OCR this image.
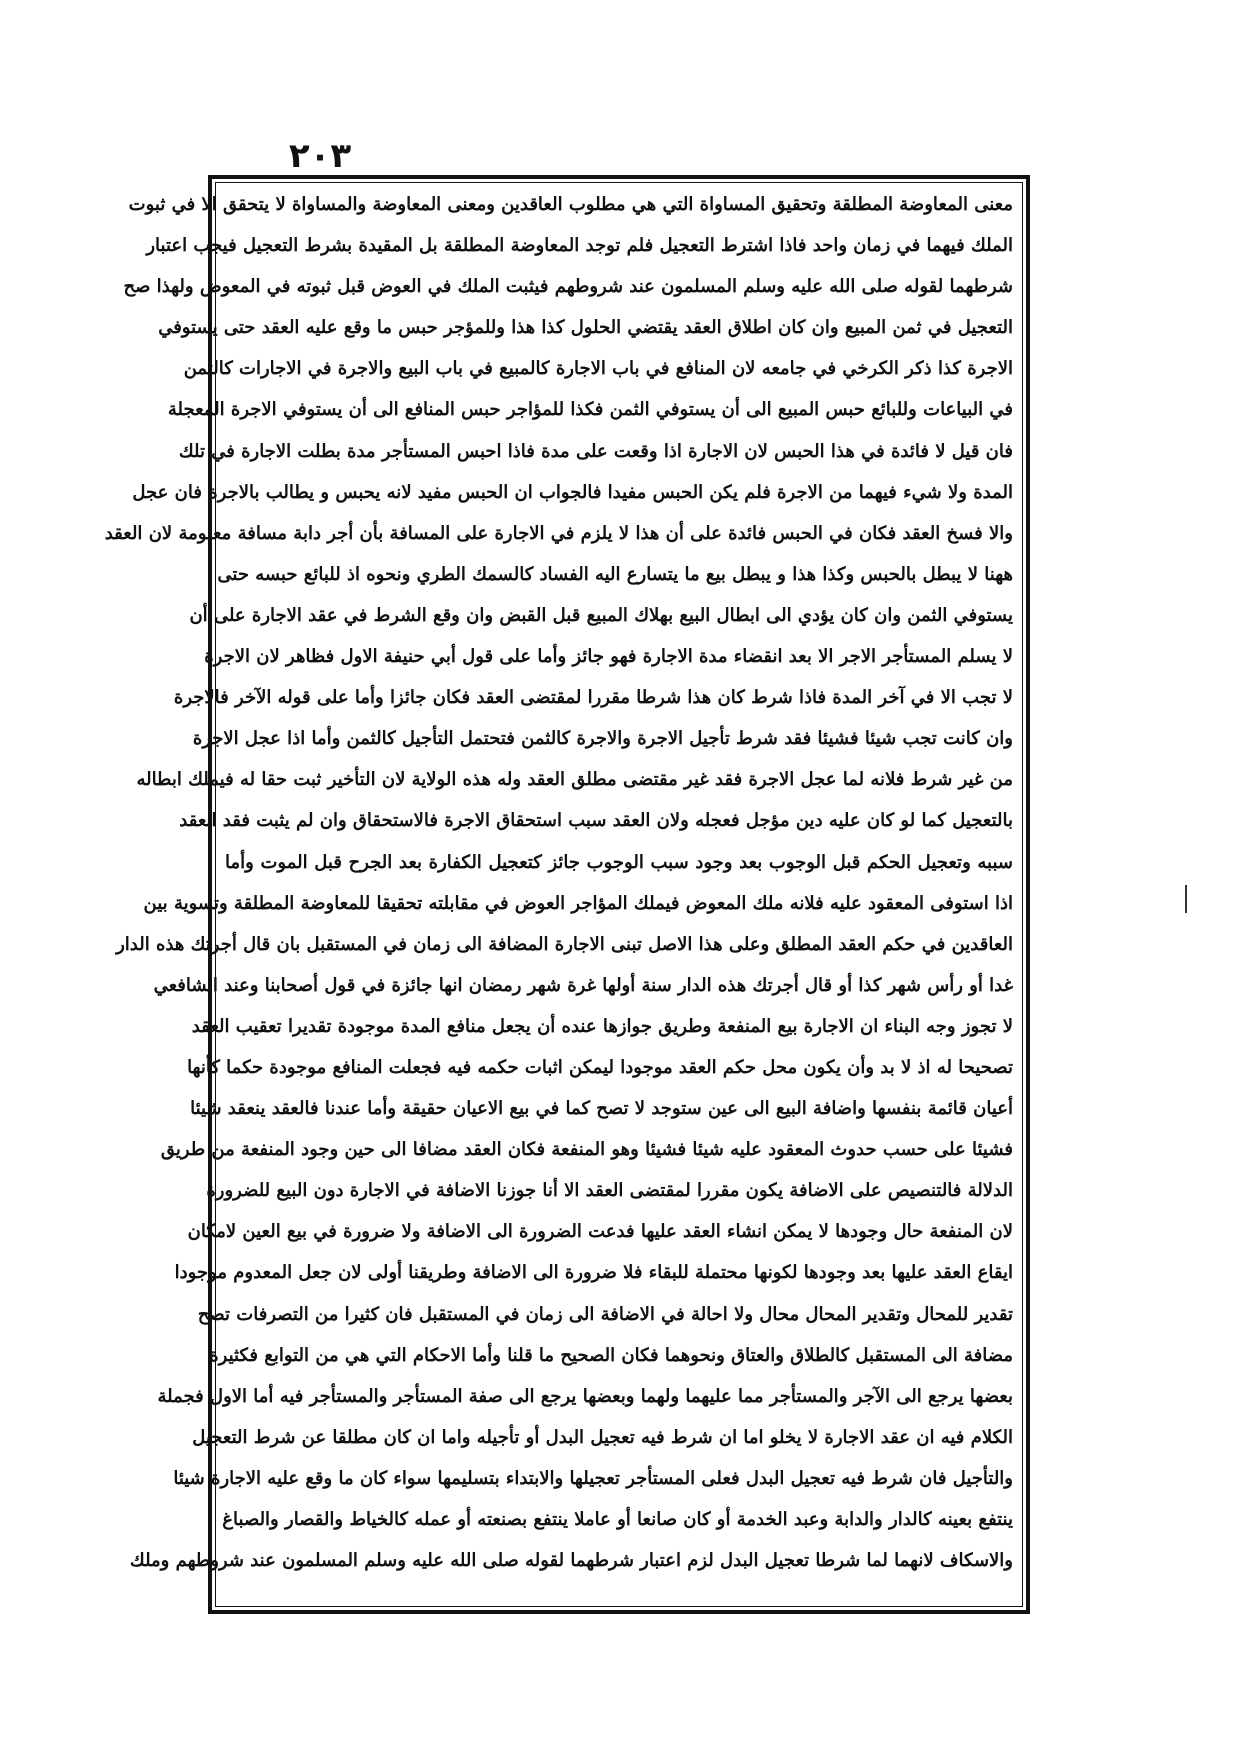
٢٠٣
معنى المعاوضة المطلقة وتحقيق المساواة التي هي مطلوب العاقدين ومعنى المعاوضة والمساواة لا يتحقق الا في ثبوت
الملك فيهما في زمان واحد فاذا اشترط التعجيل فلم توجد المعاوضة المطلقة بل المقيدة بشرط التعجيل فيجب اعتبار
شرطهما لقوله صلى الله عليه وسلم المسلمون عند شروطهم فيثبت الملك في العوض قبل ثبوته في المعوض ولهذا صح
التعجيل في ثمن المبيع وان كان اطلاق العقد يقتضي الحلول كذا هذا وللمؤجر حبس ما وقع عليه العقد حتى يستوفي
الاجرة كذا ذكر الكرخي في جامعه لان المنافع في باب الاجارة كالمبيع في باب البيع والاجرة في الاجارات كالثمن
في البياعات وللبائع حبس المبيع الى أن يستوفي الثمن فكذا للمؤاجر حبس المنافع الى أن يستوفي الاجرة المعجلة
فان قيل لا فائدة في هذا الحبس لان الاجارة اذا وقعت على مدة فاذا احبس المستأجر مدة بطلت الاجارة في تلك
المدة ولا شيء فيهما من الاجرة فلم يكن الحبس مفيدا فالجواب ان الحبس مفيد لانه يحبس و يطالب بالاجرة فان عجل
والا فسخ العقد فكان في الحبس فائدة على أن هذا لا يلزم في الاجارة على المسافة بأن أجر دابة مسافة معلومة لان العقد
ههنا لا يبطل بالحبس وكذا هذا و يبطل بيع ما يتسارع اليه الفساد كالسمك الطري ونحوه اذ للبائع حبسه حتى
يستوفي الثمن وان كان يؤدي الى ابطال البيع بهلاك المبيع قبل القبض وان وقع الشرط في عقد الاجارة على أن
لا يسلم المستأجر الاجر الا بعد انقضاء مدة الاجارة فهو جائز وأما على قول أبي حنيفة الاول فظاهر لان الاجرة
لا تجب الا في آخر المدة فاذا شرط كان هذا شرطا مقررا لمقتضى العقد فكان جائزا وأما على قوله الآخر فالاجرة
وان كانت تجب شيئا فشيئا فقد شرط تأجيل الاجرة والاجرة كالثمن فتحتمل التأجيل كالثمن وأما اذا عجل الاجرة
من غير شرط فلانه لما عجل الاجرة فقد غير مقتضى مطلق العقد وله هذه الولاية لان التأخير ثبت حقا له فيملك ابطاله
بالتعجيل كما لو كان عليه دين مؤجل فعجله ولان العقد سبب استحقاق الاجرة فالاستحقاق وان لم يثبت فقد انعقد
سببه وتعجيل الحكم قبل الوجوب بعد وجود سبب الوجوب جائز كتعجيل الكفارة بعد الجرح قبل الموت وأما
اذا استوفى المعقود عليه فلانه ملك المعوض فيملك المؤاجر العوض في مقابلته تحقيقا للمعاوضة المطلقة وتسوية بين
العاقدين في حكم العقد المطلق وعلى هذا الاصل تبنى الاجارة المضافة الى زمان في المستقبل بان قال أجرتك هذه الدار
غدا أو رأس شهر كذا أو قال أجرتك هذه الدار سنة أولها غرة شهر رمضان انها جائزة في قول أصحابنا وعند الشافعي
لا تجوز وجه البناء ان الاجارة بيع المنفعة وطريق جوازها عنده أن يجعل منافع المدة موجودة تقديرا تعقيب العقد
تصحيحا له اذ لا بد وأن يكون محل حكم العقد موجودا ليمكن اثبات حكمه فيه فجعلت المنافع موجودة حكما كأنها
أعيان قائمة بنفسها واضافة البيع الى عين ستوجد لا تصح كما في بيع الاعيان حقيقة وأما عندنا فالعقد ينعقد شيئا
فشيئا على حسب حدوث المعقود عليه شيئا فشيئا وهو المنفعة فكان العقد مضافا الى حين وجود المنفعة من طريق
الدلالة فالتنصيص على الاضافة يكون مقررا لمقتضى العقد الا أنا جوزنا الاضافة في الاجارة دون البيع للضرورة
لان المنفعة حال وجودها لا يمكن انشاء العقد عليها فدعت الضرورة الى الاضافة ولا ضرورة في بيع العين لامكان
ايقاع العقد عليها بعد وجودها لكونها محتملة للبقاء فلا ضرورة الى الاضافة وطريقنا أولى لان جعل المعدوم موجودا
تقدير للمحال وتقدير المحال محال ولا احالة في الاضافة الى زمان في المستقبل فان كثيرا من التصرفات تصح
مضافة الى المستقبل كالطلاق والعتاق ونحوهما فكان الصحيح ما قلنا وأما الاحكام التي هي من التوابع فكثيرة
بعضها يرجع الى الآجر والمستأجر مما عليهما ولهما وبعضها يرجع الى صفة المستأجر والمستأجر فيه أما الاول فجملة
الكلام فيه ان عقد الاجارة لا يخلو اما ان شرط فيه تعجيل البدل أو تأجيله واما ان كان مطلقا عن شرط التعجيل
والتأجيل فان شرط فيه تعجيل البدل فعلى المستأجر تعجيلها والابتداء بتسليمها سواء كان ما وقع عليه الاجارة شيئا
ينتفع بعينه كالدار والدابة وعبد الخدمة أو كان صانعا أو عاملا ينتفع بصنعته أو عمله كالخياط والقصار والصباغ
والاسكاف لانهما لما شرطا تعجيل البدل لزم اعتبار شرطهما لقوله صلى الله عليه وسلم المسلمون عند شروطهم وملك
